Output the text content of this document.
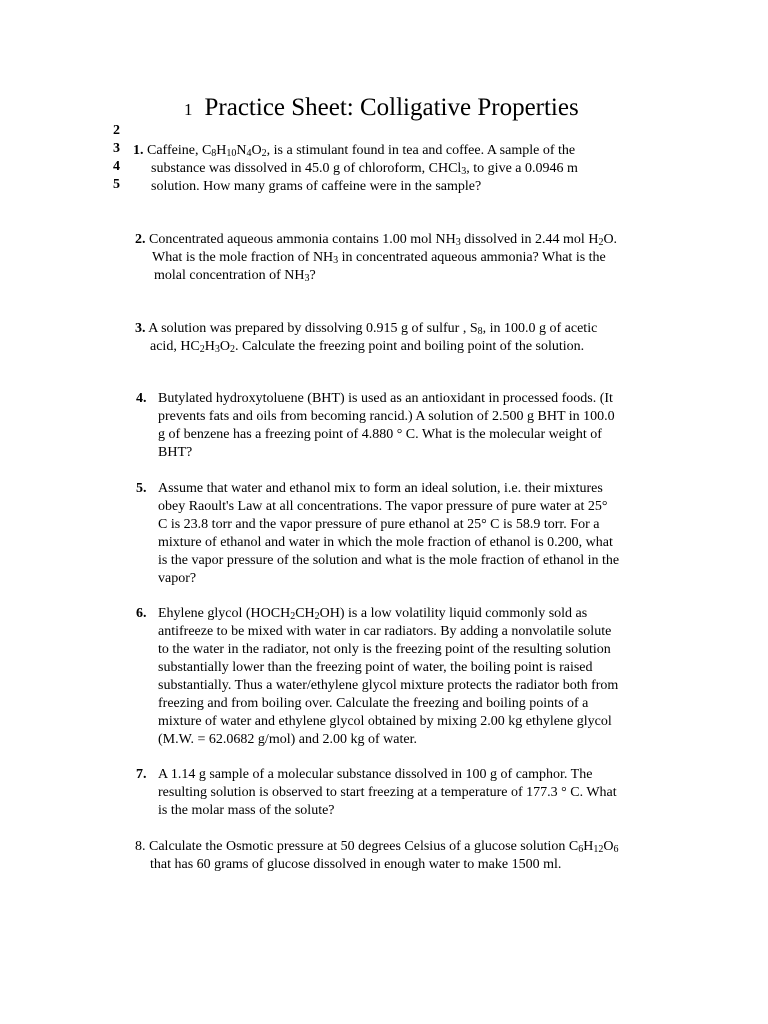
1 Practice Sheet: Colligative Properties
2
3
4
5
1. Caffeine, $C_8H_{10}N_4O_2$, is a stimulant found in tea and coffee. A sample of the
substance was dissolved in 45.0 g of chloroform, CHCl$_3$, to give a 0.0946 m
solution. How many grams of caffeine were in the sample?
2. Concentrated aqueous ammonia contains 1.00 mol $NH_3$ dissolved in 2.44 mol $H_2O$.
What is the mole fraction of $NH_3$ in concentrated aqueous ammonia? What is the
molal concentration of $NH_3$?
3. A solution was prepared by dissolving 0.915 g of sulfur , $S_8$, in 100.0 g of acetic
acid, $HC_2H_3O_2$. Calculate the freezing point and boiling point of the solution.
4. Butylated hydroxytoluene (BHT) is used as an antioxidant in processed foods. (It
prevents fats and oils from becoming rancid.) A solution of 2.500 g BHT in 100.0
g of benzene has a freezing point of 4.880 ° C. What is the molecular weight of
BHT?
5. Assume that water and ethanol mix to form an ideal solution, i.e. their mixtures
obey Raoult's Law at all concentrations. The vapor pressure of pure water at 25°
C is 23.8 torr and the vapor pressure of pure ethanol at 25° C is 58.9 torr. For a
mixture of ethanol and water in which the mole fraction of ethanol is 0.200, what
is the vapor pressure of the solution and what is the mole fraction of ethanol in the
vapor?
6. Ehylene glycol $(HOCH_2CH_2OH)$ is a low volatility liquid commonly sold as
antifreeze to be mixed with water in car radiators. By adding a nonvolatile solute
to the water in the radiator, not only is the freezing point of the resulting solution
substantially lower than the freezing point of water, the boiling point is raised
substantially. Thus a water/ethylene glycol mixture protects the radiator both from
freezing and from boiling over. Calculate the freezing and boiling points of a
mixture of water and ethylene glycol obtained by mixing 2.00 kg ethylene glycol
(M.W. = 62.0682 g/mol) and 2.00 kg of water.
7. A 1.14 g sample of a molecular substance dissolved in 100 g of camphor. The
resulting solution is observed to start freezing at a temperature of 177.3 ° C. What
is the molar mass of the solute?
8. Calculate the Osmotic pressure at 50 degrees Celsius of a glucose solution $C_6H_{12}O_6$
that has 60 grams of glucose dissolved in enough water to make 1500 ml.
